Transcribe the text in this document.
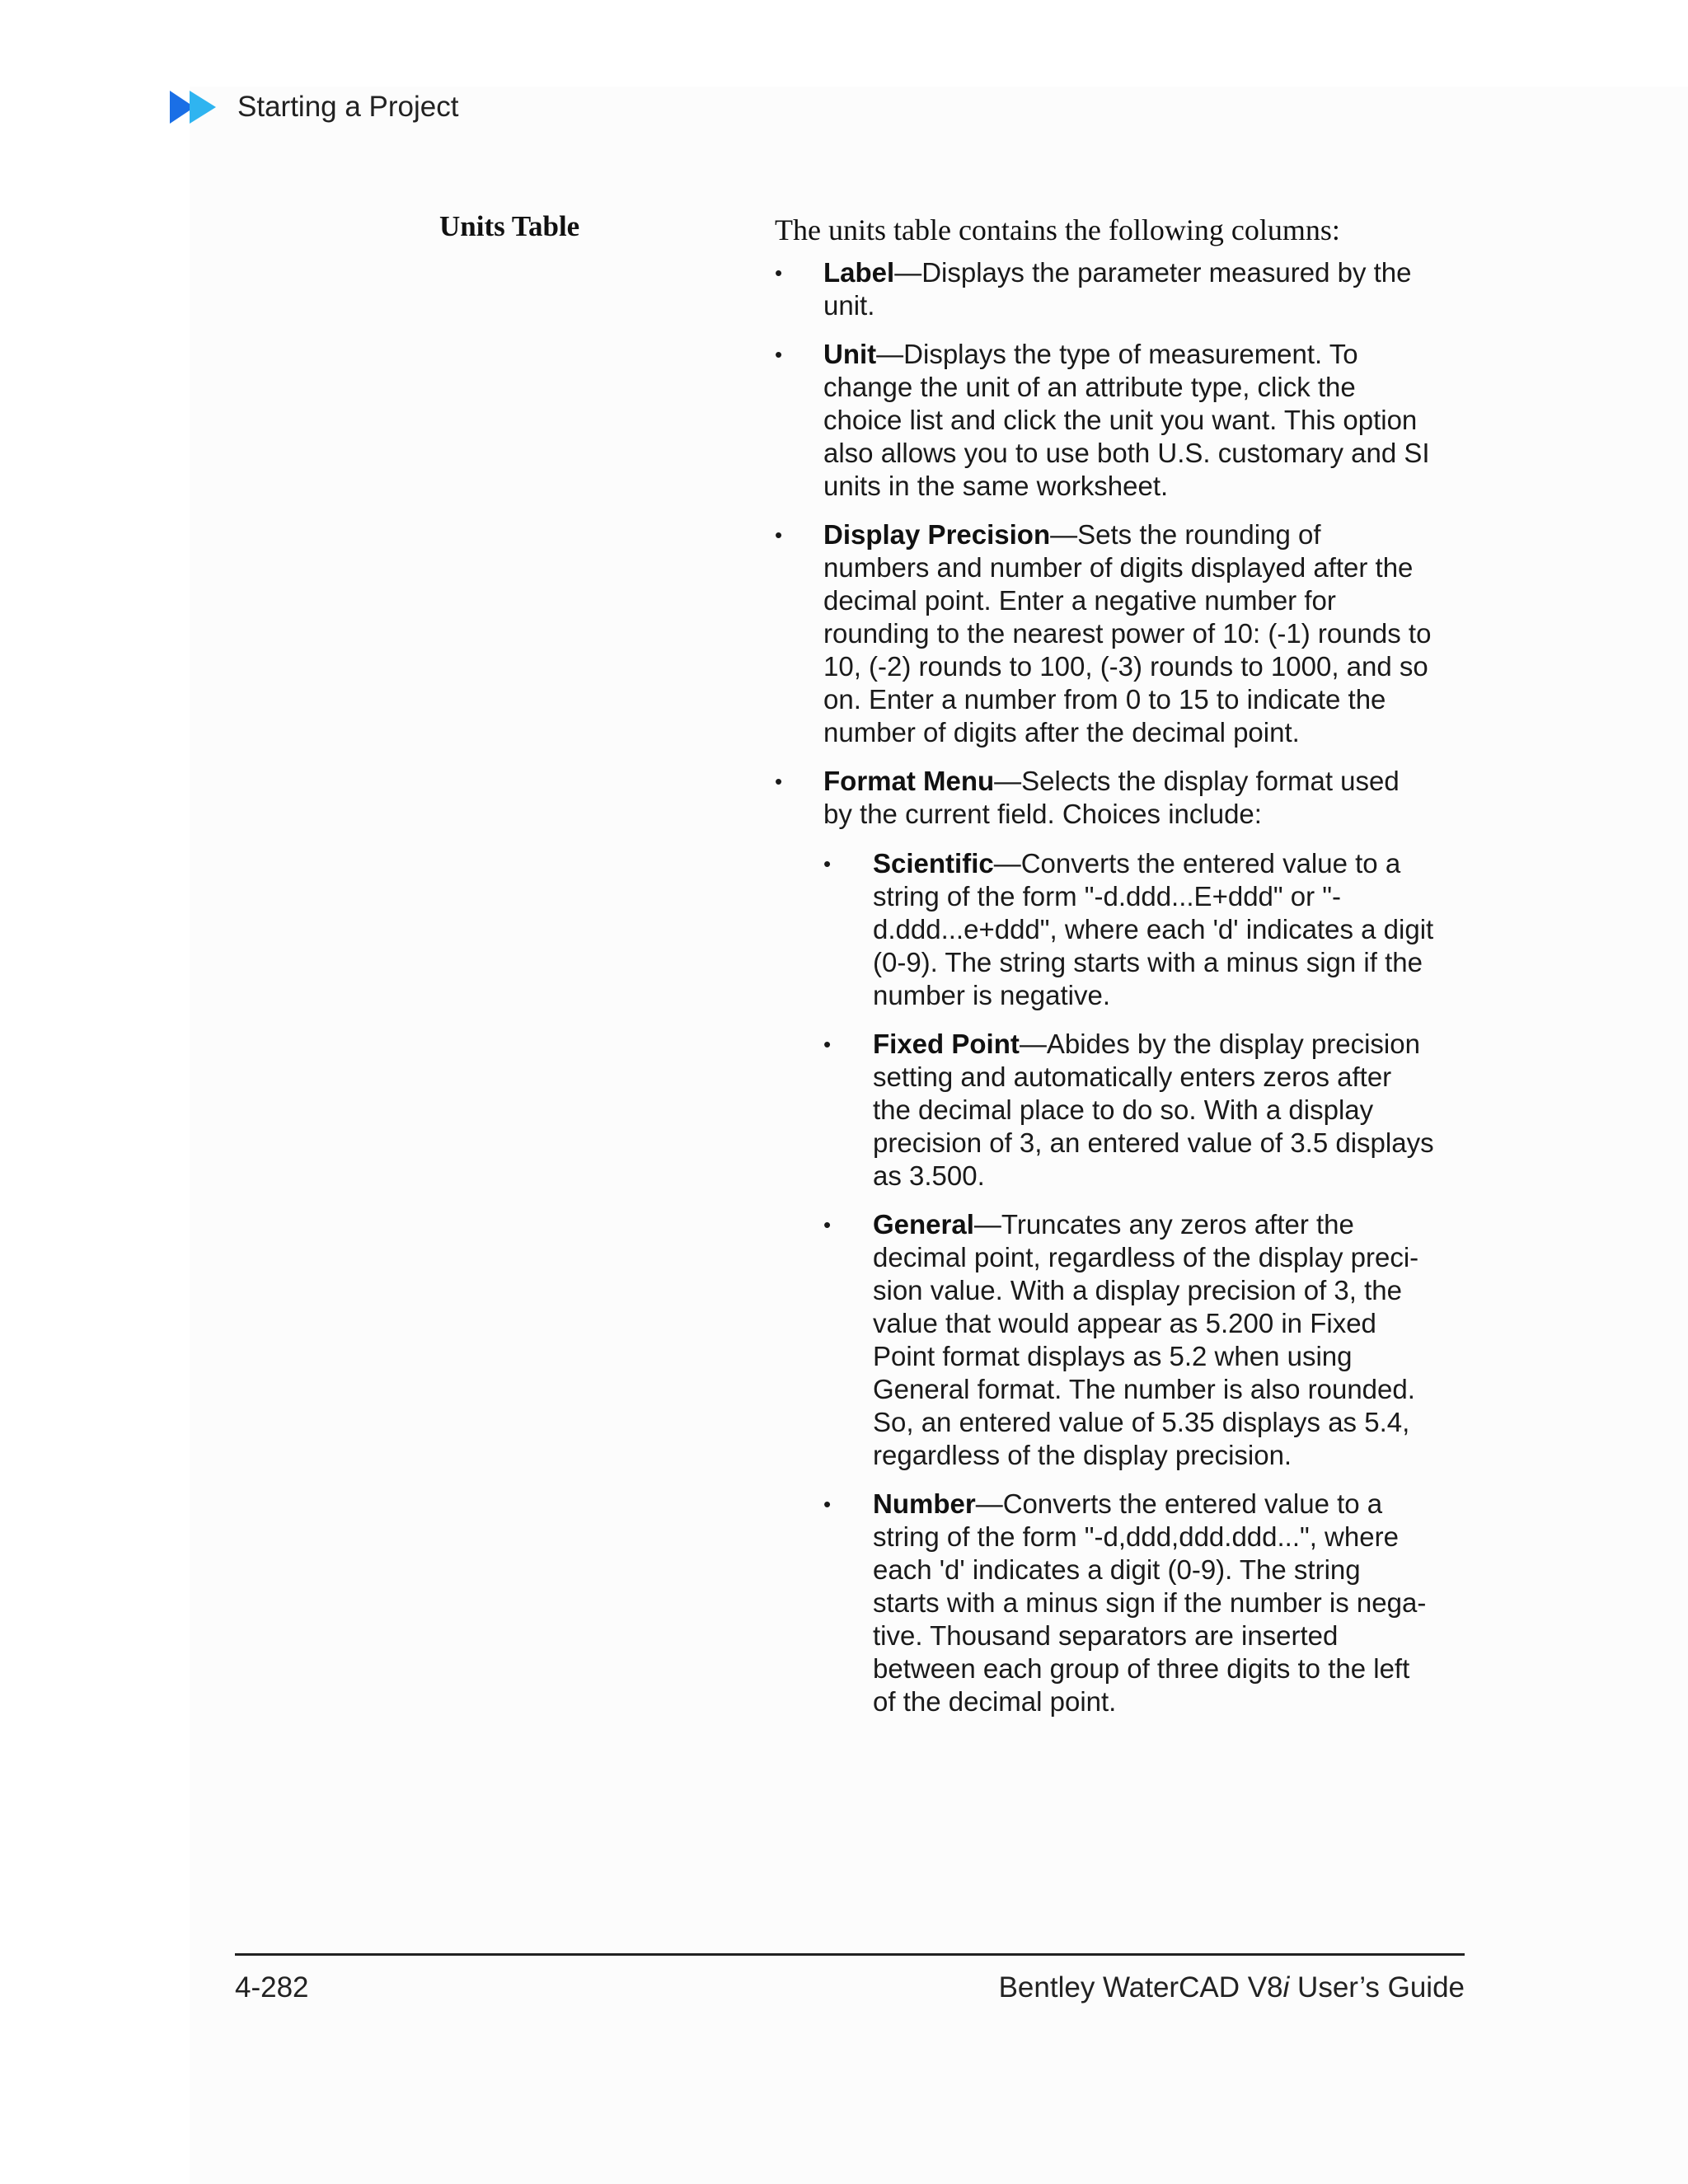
Starting a Project
Units Table	The units table contains the following columns:

• Label—Displays the parameter measured by the unit.
• Unit—Displays the type of measurement. To change the unit of an attribute type, click the choice list and click the unit you want. This option also allows you to use both U.S. customary and SI units in the same worksheet.
• Display Precision—Sets the rounding of numbers and number of digits displayed after the decimal point. Enter a negative number for rounding to the nearest power of 10: (-1) rounds to 10, (-2) rounds to 100, (-3) rounds to 1000, and so on. Enter a number from 0 to 15 to indicate the number of digits after the decimal point.
• Format Menu—Selects the display format used by the current field. Choices include:
• Scientific—Converts the entered value to a string of the form "-d.ddd...E+ddd" or "-d.ddd...e+ddd", where each 'd' indicates a digit (0-9). The string starts with a minus sign if the number is negative.
• Fixed Point—Abides by the display precision setting and automatically enters zeros after the decimal place to do so. With a display precision of 3, an entered value of 3.5 displays as 3.500.
• General—Truncates any zeros after the decimal point, regardless of the display precision value. With a display precision of 3, the value that would appear as 5.200 in Fixed Point format displays as 5.2 when using General format. The number is also rounded. So, an entered value of 5.35 displays as 5.4, regardless of the display precision.
• Number—Converts the entered value to a string of the form "-d,ddd,ddd.ddd...", where each 'd' indicates a digit (0-9). The string starts with a minus sign if the number is negative. Thousand separators are inserted between each group of three digits to the left of the decimal point.
4-282	Bentley WaterCAD V8i User’s Guide
